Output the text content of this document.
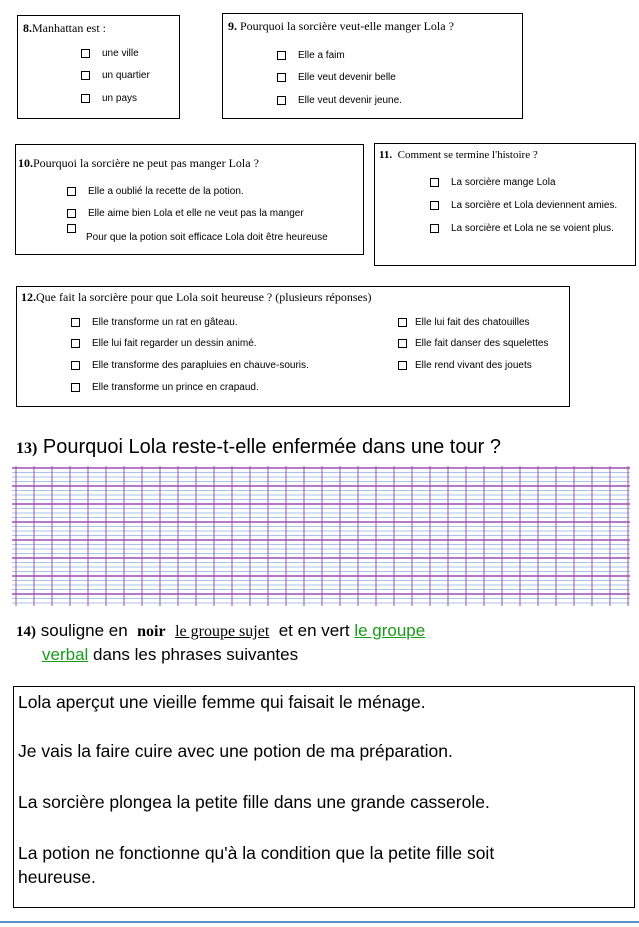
8.Manhattan est :
une ville
un quartier
un pays
9. Pourquoi la sorcière veut-elle manger Lola ?
Elle a faim
Elle veut devenir belle
Elle veut devenir jeune.
10.Pourquoi la sorcière ne peut pas manger Lola ?
Elle a oublié la recette de la potion.
Elle aime bien Lola et elle ne veut pas la manger
Pour que la potion soit efficace Lola doit être heureuse
11. Comment se termine l'histoire ?
La sorcière mange Lola
La sorcière et Lola deviennent amies.
La sorcière et Lola ne se voient plus.
12.Que fait la sorcière pour que Lola soit heureuse ? (plusieurs réponses)
Elle transforme un rat en gâteau.
Elle lui fait regarder un dessin animé.
Elle transforme des parapluies en chauve-souris.
Elle transforme un prince en crapaud.
Elle lui fait des chatouilles
Elle fait danser des squelettes
Elle rend vivant des jouets
13) Pourquoi Lola reste-t-elle enfermée dans une tour ?
14) souligne en noir le groupe sujet et en vert le groupe
verbal dans les phrases suivantes
Lola aperçut une vieille femme qui faisait le ménage.
Je vais la faire cuire avec une potion de ma préparation.
La sorcière plongea la petite fille dans une grande casserole.
La potion ne fonctionne qu'à la condition que la petite fille soit
heureuse.
